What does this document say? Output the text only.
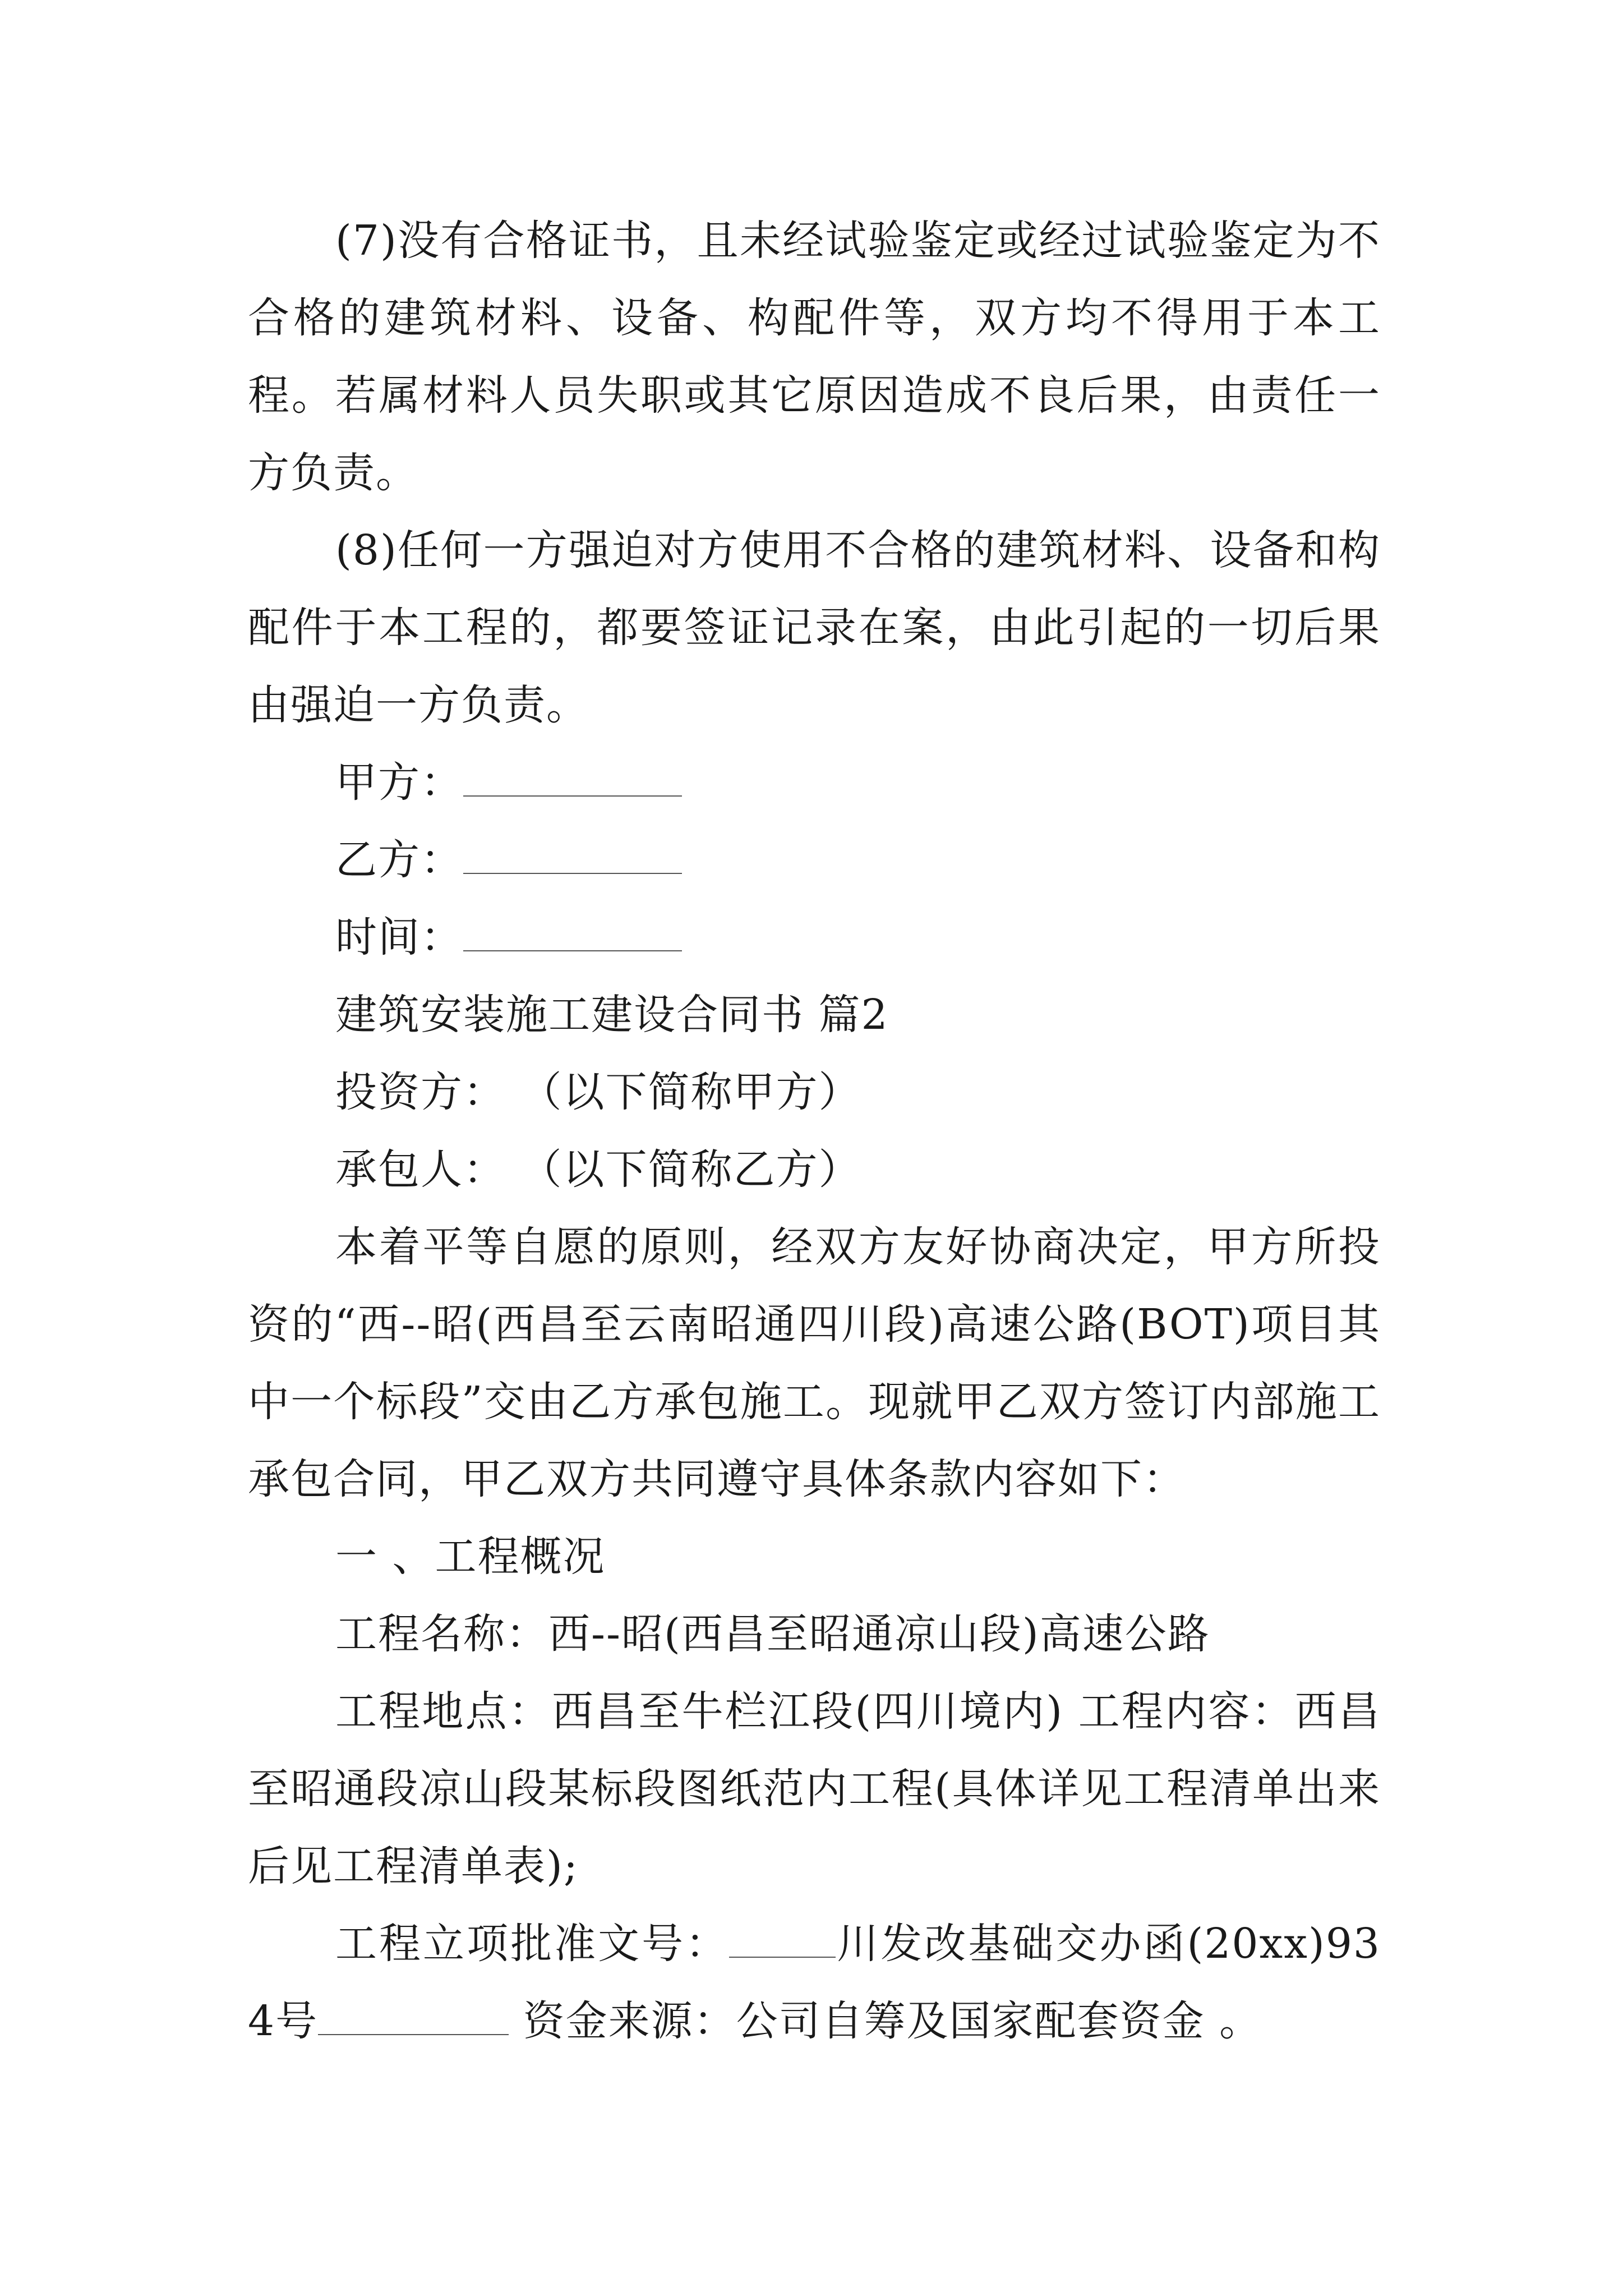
(7)没有合格证书，且未经试验鉴定或经过试验鉴定为不合格的建筑材料、设备、构配件等，双方均不得用于本工程。若属材料人员失职或其它原因造成不良后果，由责任一方负责。

(8)任何一方强迫对方使用不合格的建筑材料、设备和构配件于本工程的，都要签证记录在案，由此引起的一切后果由强迫一方负责。

甲方：

乙方：

时间：

建筑安装施工建设合同书 篇2

投资方： （以下简称甲方）

承包人： （以下简称乙方）

本着平等自愿的原则，经双方友好协商决定，甲方所投资的“西--昭(西昌至云南昭通四川段)高速公路(BOT)项目其中一个标段”交由乙方承包施工。现就甲乙双方签订内部施工承包合同，甲乙双方共同遵守具体条款内容如下：

一 、工程概况

工程名称：西--昭(西昌至昭通凉山段)高速公路

工程地点：西昌至牛栏江段(四川境内) 工程内容：西昌至昭通段凉山段某标段图纸范内工程(具体详见工程清单出来后见工程清单表);

工程立项批准文号：	川发改基础交办函(20xx)934号	资金来源：公司自筹及国家配套资金 。
